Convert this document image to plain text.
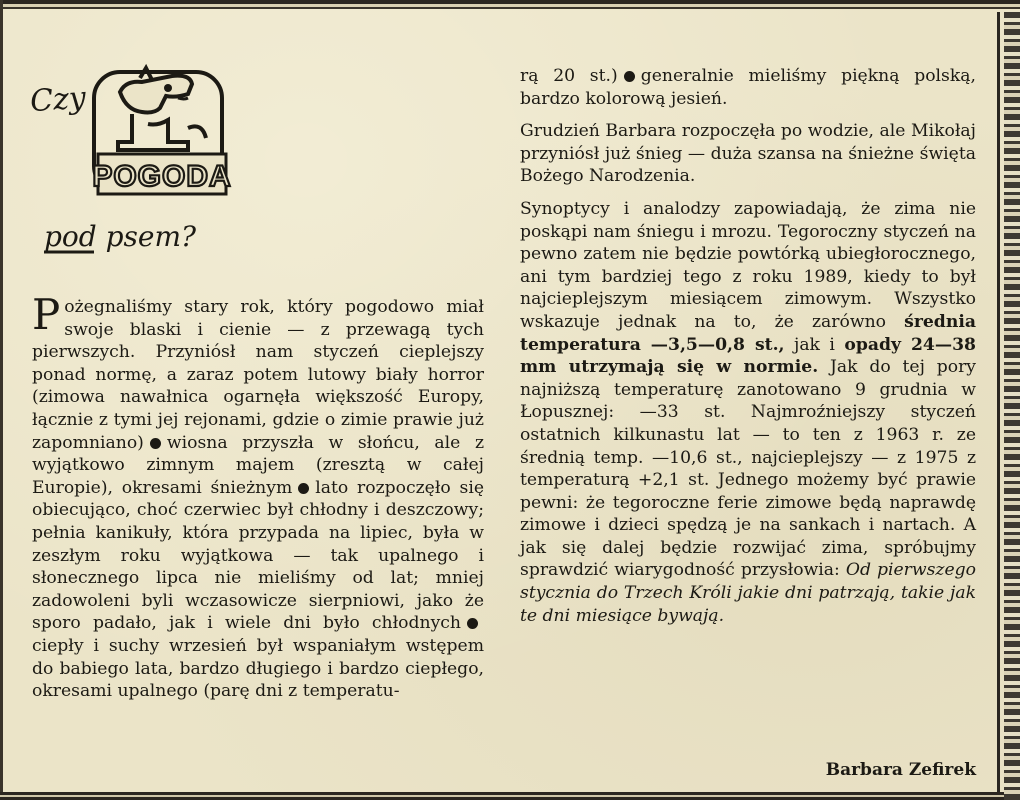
Czy
POGODA
pod psem?

Pożegnaliśmy stary rok, który pogodowo miał swoje blaski i cienie — z przewagą tych pierwszych. Przyniósł nam styczeń cieplejszy ponad normę, a zaraz potem lutowy biały horror (zimowa nawałnica ogarnęła większość Europy, łącznie z tymi jej rejonami, gdzie o zimie prawie już zapomniano) wiosna przyszła w słońcu, ale z wyjątkowo zimnym majem (zresztą w całej Europie), okresami śnieżnym lato rozpoczęło się obiecująco, choć czerwiec był chłodny i deszczowy; pełnia kanikuły, która przypada na lipiec, była w zeszłym roku wyjątkowa — tak upalnego i słonecznego lipca nie mieliśmy od lat; mniej zadowoleni byli wczasowicze sierpniowi, jako że sporo padało, jak i wiele dni było chłodnychciepły i suchy wrzesień był wspaniałym wstępem do babiego lata, bardzo długiego i bardzo ciepłego, okresami upalnego (parę dni z temperatu-

rą 20 st.) generalnie mieliśmy piękną polską, bardzo kolorową jesień.

Grudzień Barbara rozpoczęła po wodzie, ale Mikołaj przyniósł już śnieg — duża szansa na śnieżne święta Bożego Narodzenia.

Synoptycy i analodzy zapowiadają, że zima nie poskąpi nam śniegu i mrozu. Tegoroczny styczeń na pewno zatem nie będzie powtórką ubiegłorocznego, ani tym bardziej tego z roku 1989, kiedy to był najcieplejszym miesiącem zimowym. Wszystko wskazuje jednak na to, że zarówno średnia temperatura —3,5—0,8 st., jak i opady 24—38 mm utrzymają się w normie. Jak do tej pory najniższą temperaturę zanotowano 9 grudnia w Łopusznej: —33 st. Najmroźniejszy styczeń ostatnich kilkunastu lat — to ten z 1963 r. ze średnią temp. —10,6 st., najcieplejszy — z 1975 z temperaturą +2,1 st. Jednego możemy być prawie pewni: że tegoroczne ferie zimowe będą naprawdę zimowe i dzieci spędzą je na sankach i nartach. A jak się dalej będzie rozwijać zima, spróbujmy sprawdzić wiarygodność przysłowia: Od pierwszego stycznia do Trzech Króli jakie dni patrzają, takie jak te dni miesiące bywają.

Barbara Zefirek
